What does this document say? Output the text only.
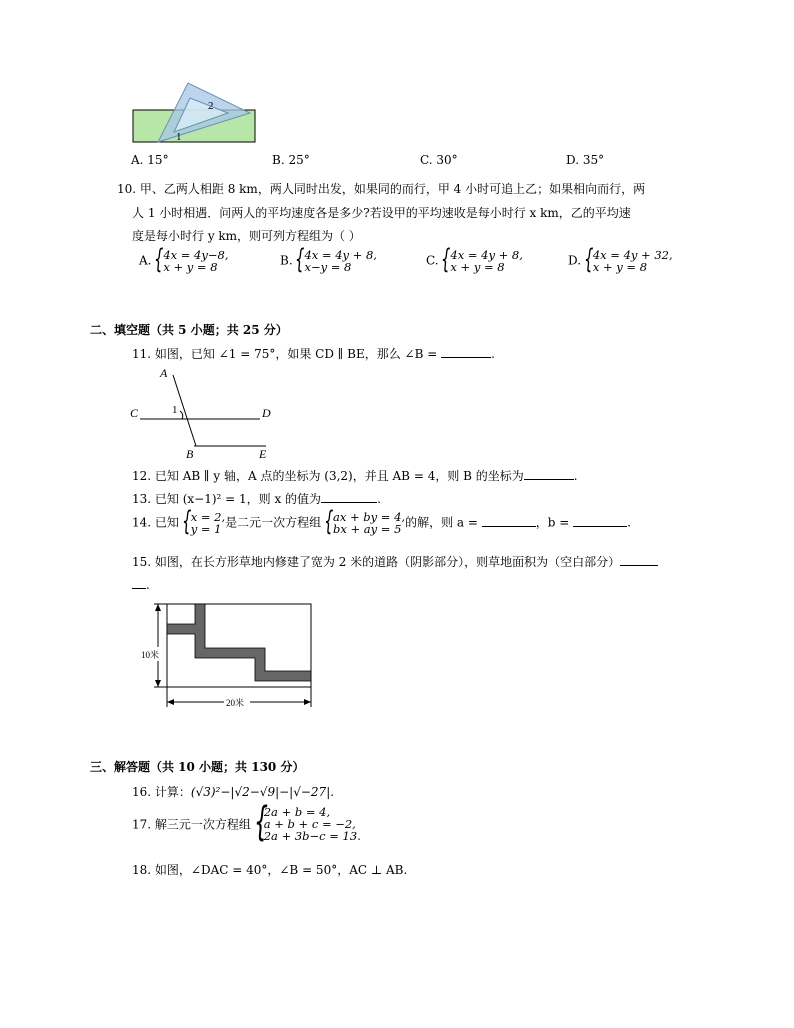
2
1
A. 15°	B. 25°	C. 30°	D. 35°
10. 甲、乙两人相距 8 km，两人同时出发，如果同的而行，甲 4 小时可追上乙；如果相向而行，两
人 1 小时相遇．问两人的平均速度各是多少?若设甲的平均速收是每小时行 x km，乙的平均速
度是每小时行 y km，则可列方程组为（ ）
A. { 4x = 4y−8,
x + y = 8	B. { 4x = 4y + 8,
x−y = 8	C. { 4x = 4y + 8,
x + y = 8	D. { 4x = 4y + 32,
x + y = 8
二、填空题（共 5 小题；共 25 分）
11. 如图，已知 ∠1 = 75°，如果 CD ∥ BE，那么 ∠B =	.
A
C	1	D
B	E
12. 已知 AB ∥ y 轴，A 点的坐标为 (3,2)，并且 AB = 4，则 B 的坐标为	.
13. 已知 (x−1)² = 1，则 x 的值为	.
14. 已知 { x = 2,
y = 1 是二元一次方程组 { ax + by = 4,
bx + ay = 5 的解，则 a =	，b =	.
15. 如图，在长方形草地内修建了宽为 2 米的道路（阴影部分），则草地面积为（空白部分）
.
10米
20米
三、解答题（共 10 小题；共 130 分）
16. 计算：(√3)²−|√2−√9|−|√−27|.
17. 解三元一次方程组
{ 2a + b = 4,
a + b + c = −2,
2a + 3b−c = 13.
18. 如图，∠DAC = 40°，∠B = 50°，AC ⊥ AB.
